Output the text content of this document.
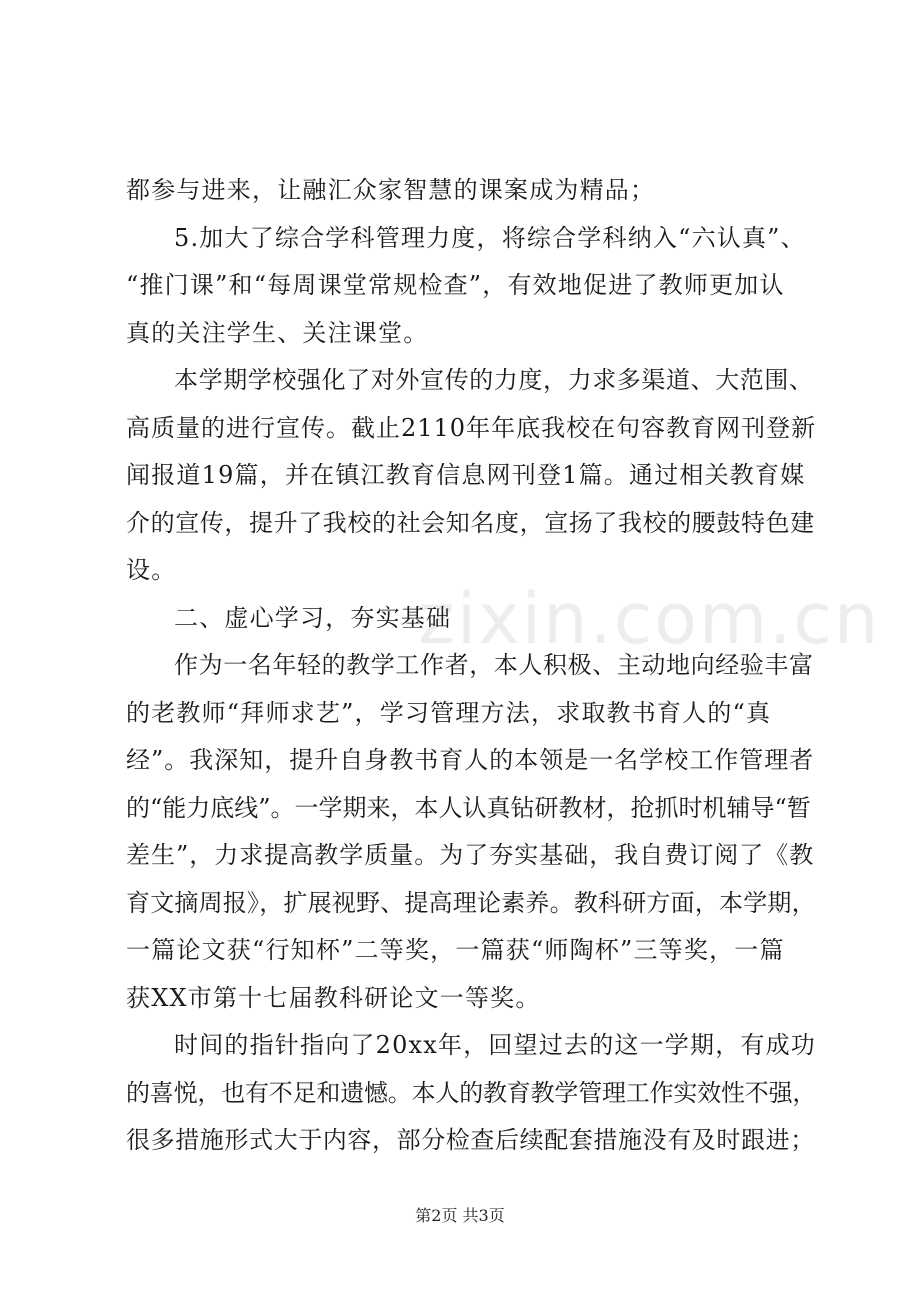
都参与进来，让融汇众家智慧的课案成为精品；
5.加大了综合学科管理力度，将综合学科纳入“六认真”、
“推门课”和“每周课堂常规检查”，有效地促进了教师更加认
真的关注学生、关注课堂。
本学期学校强化了对外宣传的力度，力求多渠道、大范围、
高质量的进行宣传。截止2110年年底我校在句容教育网刊登新
闻报道19篇，并在镇江教育信息网刊登1篇。通过相关教育媒
介的宣传，提升了我校的社会知名度，宣扬了我校的腰鼓特色建
设。
二、虚心学习，夯实基础
作为一名年轻的教学工作者，本人积极、主动地向经验丰富
的老教师“拜师求艺”，学习管理方法，求取教书育人的“真
经”。我深知，提升自身教书育人的本领是一名学校工作管理者
的“能力底线”。一学期来，本人认真钻研教材，抢抓时机辅导“暂
差生”，力求提高教学质量。为了夯实基础，我自费订阅了《教
育文摘周报》，扩展视野、提高理论素养。教科研方面，本学期，
一篇论文获“行知杯”二等奖，一篇获“师陶杯”三等奖，一篇
获XX市第十七届教科研论文一等奖。
时间的指针指向了20xx年，回望过去的这一学期，有成功
的喜悦，也有不足和遗憾。本人的教育教学管理工作实效性不强，
很多措施形式大于内容，部分检查后续配套措施没有及时跟进；
zixin.com.cn
第2页 共3页
